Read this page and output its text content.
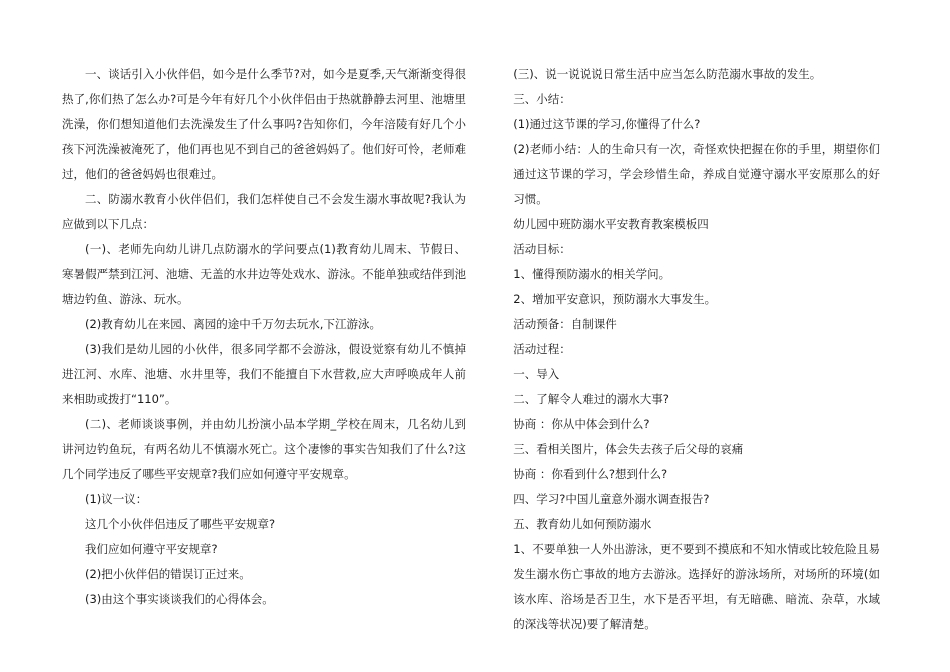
一、谈话引入小伙伴侣，如今是什么季节?对，如今是夏季,天气渐渐变得很热了,你们热了怎么办?可是今年有好几个小伙伴侣由于热就静静去河里、池塘里洗澡，你们想知道他们去洗澡发生了什么事吗?告知你们，今年涪陵有好几个小孩下河洗澡被淹死了，他们再也见不到自己的爸爸妈妈了。他们好可怜，老师难过，他们的爸爸妈妈也很难过。

二、防溺水教育小伙伴侣们，我们怎样使自己不会发生溺水事故呢?我认为应做到以下几点：

(一)、老师先向幼儿讲几点防溺水的学问要点(1)教育幼儿周末、节假日、寒暑假严禁到江河、池塘、无盖的水井边等处戏水、游泳。不能单独或结伴到池塘边钓鱼、游泳、玩水。

(2)教育幼儿在来园、离园的途中千万勿去玩水,下江游泳。

(3)我们是幼儿园的小伙伴，很多同学都不会游泳，假设觉察有幼儿不慎掉进江河、水库、池塘、水井里等，我们不能擅自下水营救,应大声呼唤成年人前来相助或拨打“110”。

(二)、老师谈谈事例，并由幼儿扮演小品本学期_学校在周末，几名幼儿到讲河边钓鱼玩，有两名幼儿不慎溺水死亡。这个凄惨的事实告知我们了什么?这几个同学违反了哪些平安规章?我们应如何遵守平安规章。

(1)议一议：

这几个小伙伴侣违反了哪些平安规章?

我们应如何遵守平安规章?

(2)把小伙伴侣的错误订正过来。

(3)由这个事实谈谈我们的心得体会。

(三)、说一说说说日常生活中应当怎么防范溺水事故的发生。

三、小结：

(1)通过这节课的学习,你懂得了什么?

(2)老师小结：人的生命只有一次，奇怪欢快把握在你的手里，期望你们通过这节课的学习，学会珍惜生命，养成自觉遵守溺水平安原那么的好习惯。

幼儿园中班防溺水平安教育教案模板四

活动目标：

1、懂得预防溺水的相关学问。

2、增加平安意识，预防溺水大事发生。

活动预备：自制课件

活动过程：

一、导入

二、了解令人难过的溺水大事?

协商 ：你从中体会到什么?

三、看相关图片，体会失去孩子后父母的哀痛

协商 ：你看到什么?想到什么?

四、学习?中国儿童意外溺水调查报告?

五、教育幼儿如何预防溺水

1、不要单独一人外出游泳，更不要到不摸底和不知水情或比较危险且易发生溺水伤亡事故的地方去游泳。选择好的游泳场所，对场所的环境(如该水库、浴场是否卫生，水下是否平坦，有无暗礁、暗流、杂草，水域的深浅等状况)要了解清楚。
